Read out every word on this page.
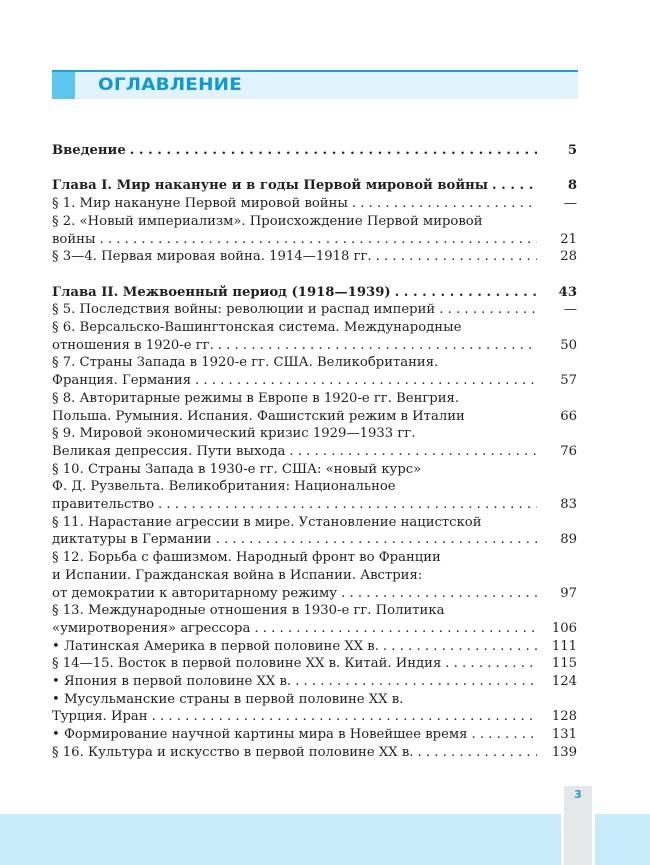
ОГЛАВЛЕНИЕ
Введение . . .	5
Глава I. Мир накануне и в годы Первой мировой войны . . .	8
§ 1. Мир накануне Первой мировой войны . . .	—
§ 2. «Новый империализм». Происхождение Первой мировой
войны . . .	21
§ 3—4. Первая мировая война. 1914—1918 гг. . . .	28
Глава II. Межвоенный период (1918—1939) . . .	43
§ 5. Последствия войны: революции и распад империй . . .	—
§ 6. Версальско-Вашингтонская система. Международные
отношения в 1920-е гг. . . .	50
§ 7. Страны Запада в 1920-е гг. США. Великобритания.
Франция. Германия . . .	57
§ 8. Авторитарные режимы в Европе в 1920-е гг. Венгрия.
Польша. Румыния. Испания. Фашистский режим в Италии	66
§ 9. Мировой экономический кризис 1929—1933 гг.
Великая депрессия. Пути выхода . . .	76
§ 10. Страны Запада в 1930-е гг. США: «новый курс»
Ф. Д. Рузвельта. Великобритания: Национальное
правительство . . .	83
§ 11. Нарастание агрессии в мире. Установление нацистской
диктатуры в Германии . . .	89
§ 12. Борьба с фашизмом. Народный фронт во Франции
и Испании. Гражданская война в Испании. Австрия:
от демократии к авторитарному режиму . . .	97
§ 13. Международные отношения в 1930-е гг. Политика
«умиротворения» агрессора . . .	106
• Латинская Америка в первой половине XX в. . . .	111
§ 14—15. Восток в первой половине XX в. Китай. Индия . . .	115
• Япония в первой половине XX в. . . .	124
• Мусульманские страны в первой половине XX в.
Турция. Иран . . .	128
• Формирование научной картины мира в Новейшее время . . .	131
§ 16. Культура и искусство в первой половине XX в. . . .	139
3
